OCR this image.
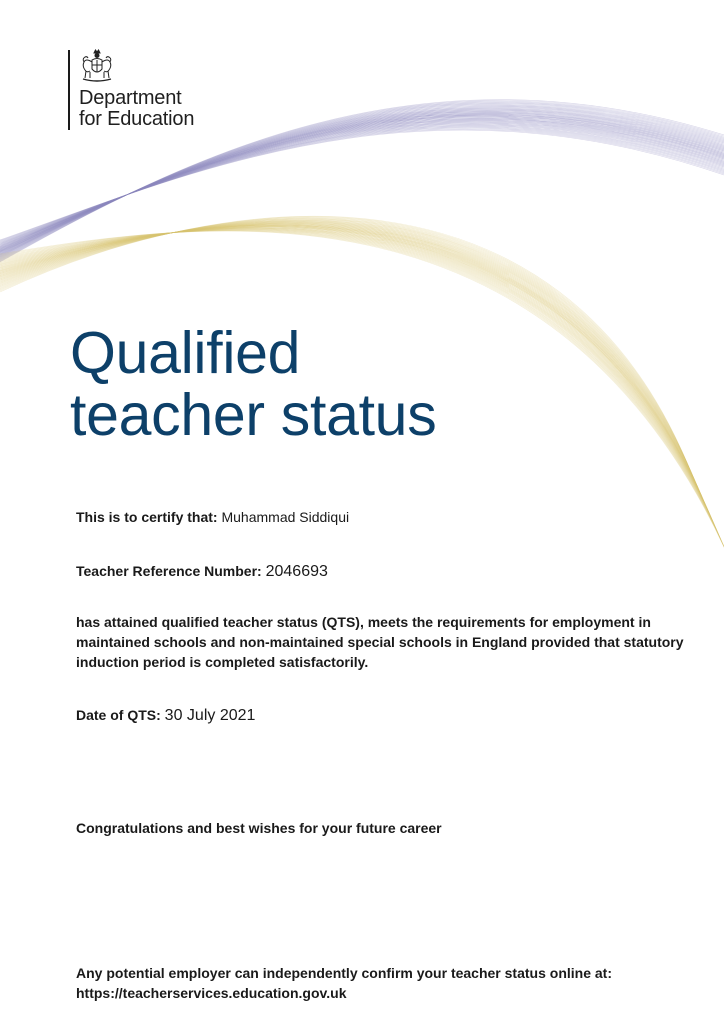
Department
for Education
Qualified
teacher status
This is to certify that: Muhammad Siddiqui
Teacher Reference Number: 2046693
has attained qualified teacher status (QTS), meets the requirements for employment in maintained schools and non-maintained special schools in England provided that statutory induction period is completed satisfactorily.
Date of QTS: 30 July 2021
Congratulations and best wishes for your future career
Any potential employer can independently confirm your teacher status online at:
https://teacherservices.education.gov.uk
